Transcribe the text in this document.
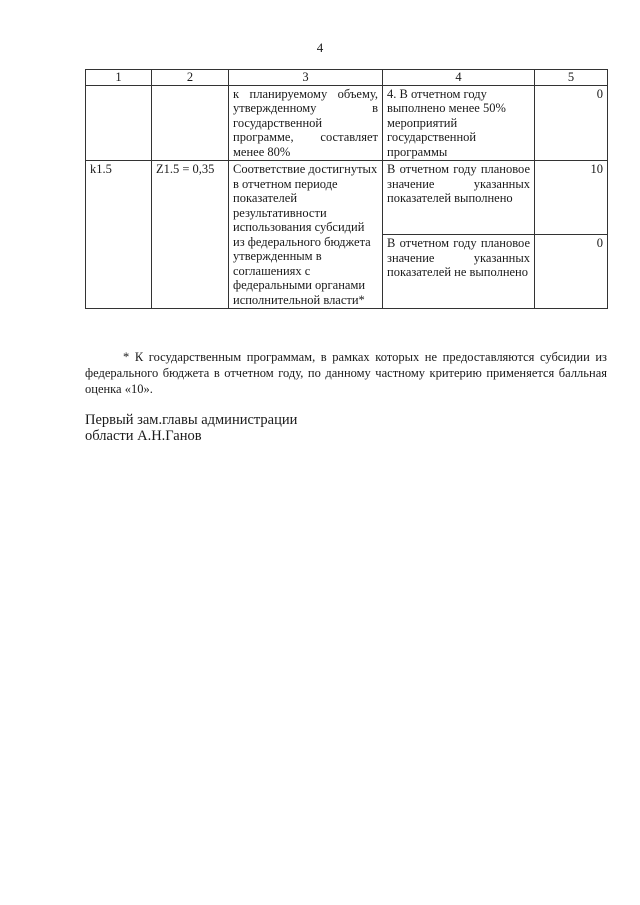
4
1	2	3	4	5
		к планируемому объему, утвержденному в государственной программе, составляет менее 80%	4. В отчетном году выполнено менее 50% мероприятий государственной программы	0
k1.5	Z1.5 = 0,35	Соответствие достигнутых в отчетном периоде показателей результативности использования субсидий из федерального бюджета утвержденным в соглашениях с федеральными органами исполнительной власти*	В отчетном году плановое значение указанных показателей выполнено	10
			В отчетном году плановое значение указанных показателей не выполнено	0
* К государственным программам, в рамках которых не предоставляются субсидии из федерального бюджета в отчетном году, по данному частному критерию применяется балльная оценка «10».
Первый зам.главы администрации
области А.Н.Ганов
